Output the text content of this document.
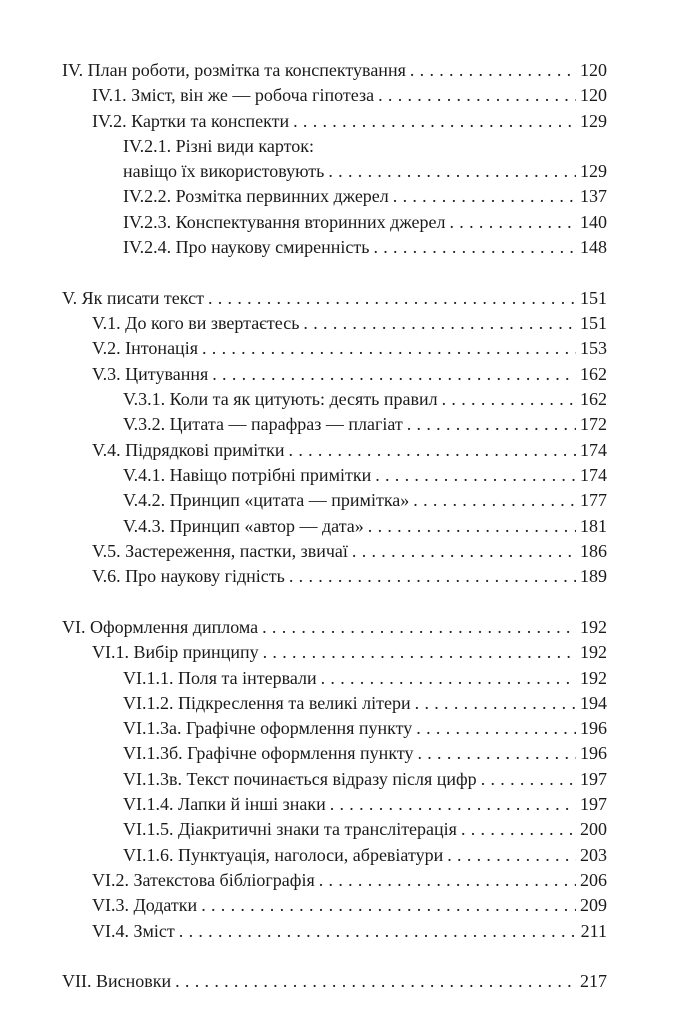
IV. План роботи, розмітка та конспектування . . .	120
IV.1. Зміст, він же — робоча гіпотеза . . .	120
IV.2. Картки та конспекти . . .	129
IV.2.1. Різні види карток:
навіщо їх використовують . . .	129
IV.2.2. Розмітка первинних джерел . . .	137
IV.2.3. Конспектування вторинних джерел . . .	140
IV.2.4. Про наукову смиренність . . .	148
V. Як писати текст . . .	151
V.1. До кого ви звертаєтесь . . .	151
V.2. Інтонація . . .	153
V.3. Цитування . . .	162
V.3.1. Коли та як цитують: десять правил . . .	162
V.3.2. Цитата — парафраз — плагіат . . .	172
V.4. Підрядкові примітки . . .	174
V.4.1. Навіщо потрібні примітки . . .	174
V.4.2. Принцип «цитата — примітка» . . .	177
V.4.3. Принцип «автор — дата» . . .	181
V.5. Застереження, пастки, звичаї . . .	186
V.6. Про наукову гідність . . .	189
VI. Оформлення диплома . . .	192
VI.1. Вибір принципу . . .	192
VI.1.1. Поля та інтервали . . .	192
VI.1.2. Підкреслення та великі літери . . .	194
VI.1.3а. Графічне оформлення пункту . . .	196
VI.1.3б. Графічне оформлення пункту . . .	196
VI.1.3в. Текст починається відразу після цифр . . .	197
VI.1.4. Лапки й інші знаки . . .	197
VI.1.5. Діакритичні знаки та транслітерація . . .	200
VI.1.6. Пунктуація, наголоси, абревіатури . . .	203
VI.2. Затекстова бібліографія . . .	206
VI.3. Додатки . . .	209
VI.4. Зміст . . .	211
VII. Висновки . . .	217
